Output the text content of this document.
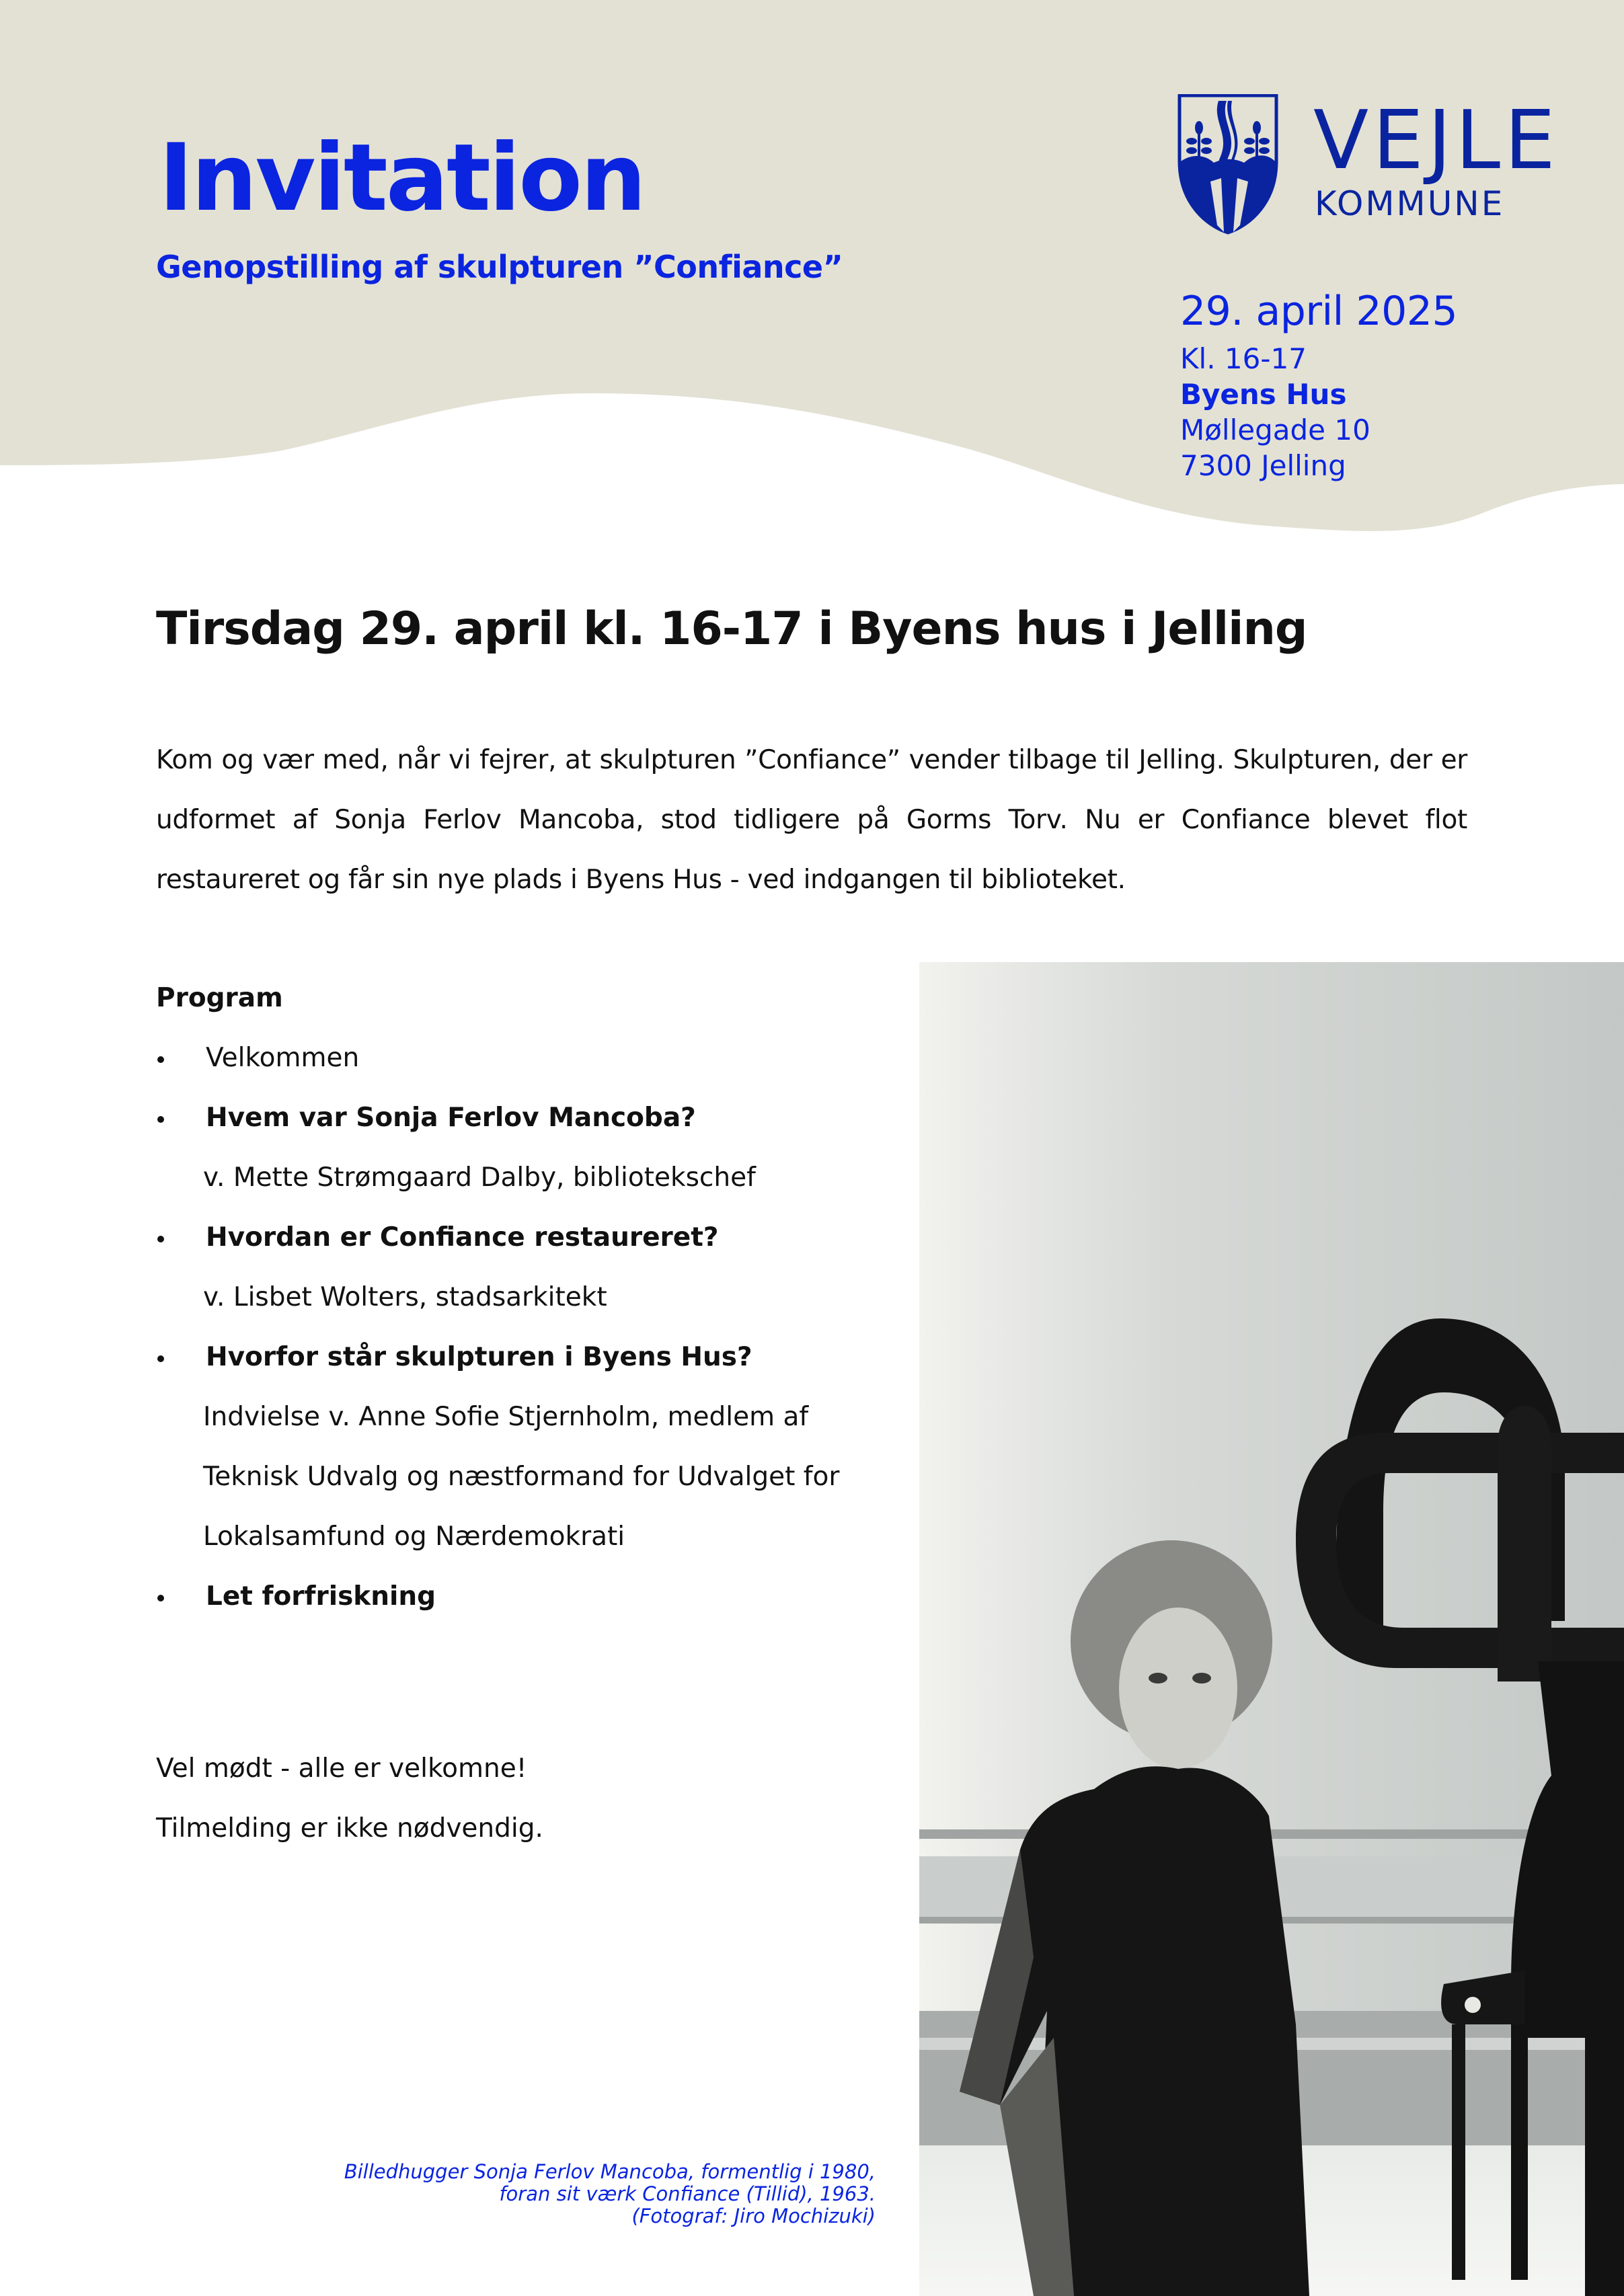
Invitation
Genopstilling af skulpturen ”Confiance”
VEJLE
KOMMUNE
29. april 2025
Kl. 16-17
Byens Hus
Møllegade 10
7300 Jelling
Tirsdag 29. april kl. 16-17 i Byens hus i Jelling
Kom og vær med, når vi fejrer, at skulpturen ”Confiance” vender tilbage til Jelling. Skulpturen, der er udformet af Sonja Ferlov Mancoba, stod tidligere på Gorms Torv. Nu er Confiance blevet flot restaureret og får sin nye plads i Byens Hus - ved indgangen til biblioteket.
Program
Velkommen
Hvem var Sonja Ferlov Mancoba?
v. Mette Strømgaard Dalby, bibliotekschef
Hvordan er Confiance restaureret?
v. Lisbet Wolters, stadsarkitekt
Hvorfor står skulpturen i Byens Hus?
Indvielse v. Anne Sofie Stjernholm, medlem af
Teknisk Udvalg og næstformand for Udvalget for
Lokalsamfund og Nærdemokrati
Let forfriskning
Vel mødt - alle er velkomne!
Tilmelding er ikke nødvendig.
Billedhugger Sonja Ferlov Mancoba, formentlig i 1980,
foran sit værk Confiance (Tillid), 1963.
(Fotograf: Jiro Mochizuki)
